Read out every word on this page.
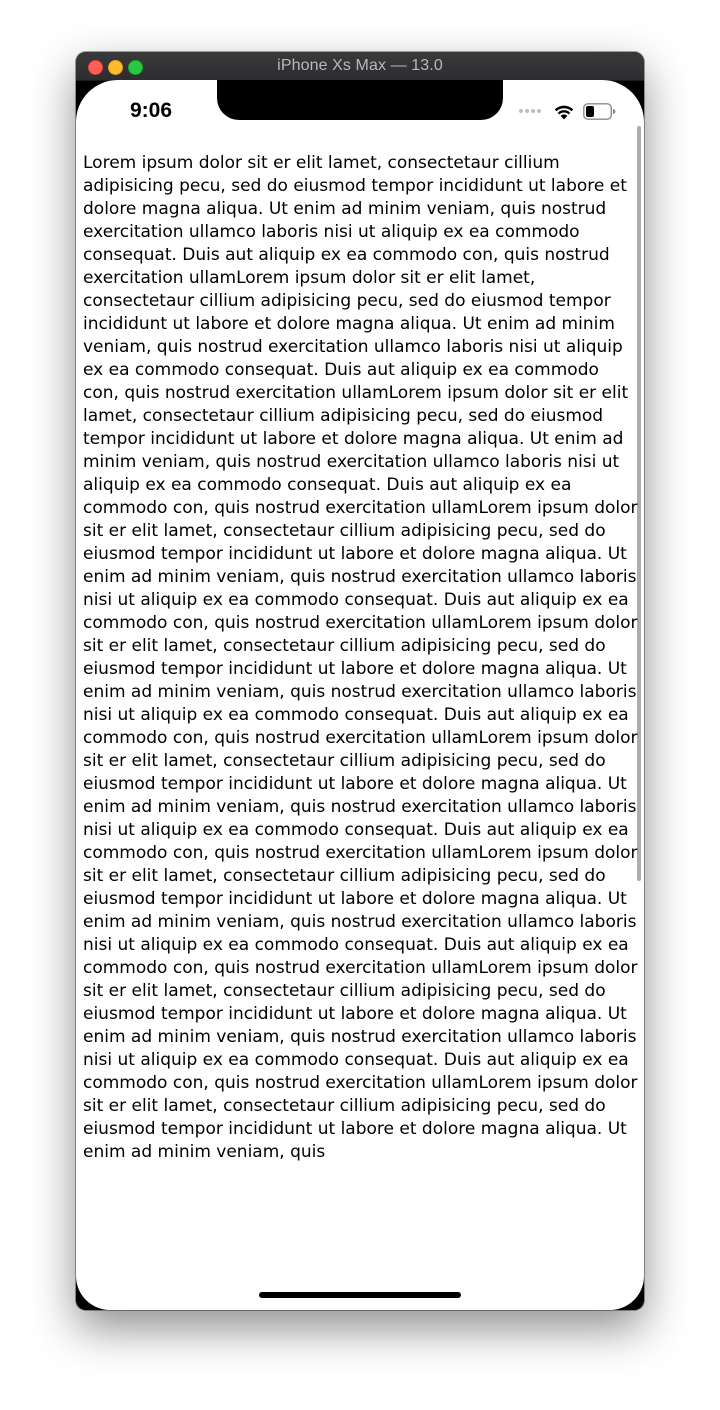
iPhone Xs Max — 13.0
9:06
Lorem ipsum dolor sit er elit lamet, consectetaur cillium adipisicing pecu, sed do eiusmod tempor incididunt ut labore et dolore magna aliqua. Ut enim ad minim veniam, quis nostrud exercitation ullamco laboris nisi ut aliquip ex ea commodo consequat. Duis aut aliquip ex ea commodo con, quis nostrud exercitation ullamLorem ipsum dolor sit er elit lamet, consectetaur cillium adipisicing pecu, sed do eiusmod tempor incididunt ut labore et dolore magna aliqua. Ut enim ad minim veniam, quis nostrud exercitation ullamco laboris nisi ut aliquip ex ea commodo consequat. Duis aut aliquip ex ea commodo con, quis nostrud exercitation ullamLorem ipsum dolor sit er elit lamet, consectetaur cillium adipisicing pecu, sed do eiusmod tempor incididunt ut labore et dolore magna aliqua. Ut enim ad minim veniam, quis nostrud exercitation ullamco laboris nisi ut aliquip ex ea commodo consequat. Duis aut aliquip ex ea commodo con, quis nostrud exercitation ullamLorem ipsum dolor sit er elit lamet, consectetaur cillium adipisicing pecu, sed do eiusmod tempor incididunt ut labore et dolore magna aliqua. Ut enim ad minim veniam, quis nostrud exercitation ullamco laboris nisi ut aliquip ex ea commodo consequat. Duis aut aliquip ex ea commodo con, quis nostrud exercitation ullamLorem ipsum dolor sit er elit lamet, consectetaur cillium adipisicing pecu, sed do eiusmod tempor incididunt ut labore et dolore magna aliqua. Ut enim ad minim veniam, quis nostrud exercitation ullamco laboris nisi ut aliquip ex ea commodo consequat. Duis aut aliquip ex ea commodo con, quis nostrud exercitation ullamLorem ipsum dolor sit er elit lamet, consectetaur cillium adipisicing pecu, sed do eiusmod tempor incididunt ut labore et dolore magna aliqua. Ut enim ad minim veniam, quis nostrud exercitation ullamco laboris nisi ut aliquip ex ea commodo consequat. Duis aut aliquip ex ea commodo con, quis nostrud exercitation ullamLorem ipsum dolor sit er elit lamet, consectetaur cillium adipisicing pecu, sed do eiusmod tempor incididunt ut labore et dolore magna aliqua. Ut enim ad minim veniam, quis nostrud exercitation ullamco laboris nisi ut aliquip ex ea commodo consequat. Duis aut aliquip ex ea commodo con, quis nostrud exercitation ullamLorem ipsum dolor sit er elit lamet, consectetaur cillium adipisicing pecu, sed do eiusmod tempor incididunt ut labore et dolore magna aliqua. Ut enim ad minim veniam, quis nostrud exercitation ullamco laboris nisi ut aliquip ex ea commodo consequat. Duis aut aliquip ex ea commodo con, quis nostrud exercitation ullamLorem ipsum dolor sit er elit lamet, consectetaur cillium adipisicing pecu, sed do eiusmod tempor incididunt ut labore et dolore magna aliqua. Ut enim ad minim veniam, quis
